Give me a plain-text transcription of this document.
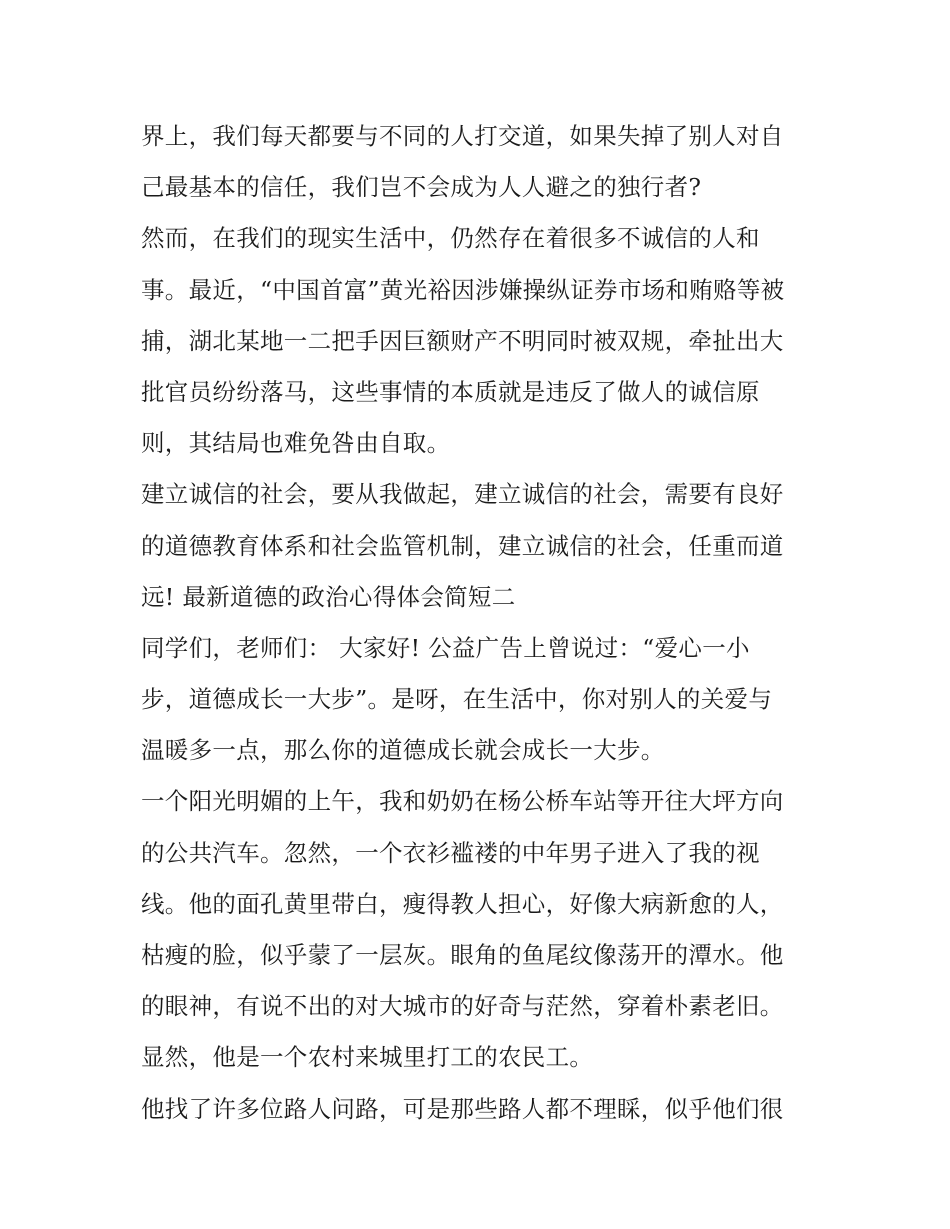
界上，我们每天都要与不同的人打交道，如果失掉了别人对自
己最基本的信任，我们岂不会成为人人避之的独行者?
然而，在我们的现实生活中，仍然存在着很多不诚信的人和
事。最近，“中国首富”黄光裕因涉嫌操纵证券市场和贿赂等被
捕，湖北某地一二把手因巨额财产不明同时被双规，牵扯出大
批官员纷纷落马，这些事情的本质就是违反了做人的诚信原
则，其结局也难免咎由自取。
建立诚信的社会，要从我做起，建立诚信的社会，需要有良好
的道德教育体系和社会监管机制，建立诚信的社会，任重而道
远! 最新道德的政治心得体会简短二
同学们，老师们： 大家好! 公益广告上曾说过：“爱心一小
步，道德成长一大步”。是呀，在生活中，你对别人的关爱与
温暖多一点，那么你的道德成长就会成长一大步。
一个阳光明媚的上午，我和奶奶在杨公桥车站等开往大坪方向
的公共汽车。忽然，一个衣衫褴褛的中年男子进入了我的视
线。他的面孔黄里带白，瘦得教人担心，好像大病新愈的人，
枯瘦的脸，似乎蒙了一层灰。眼角的鱼尾纹像荡开的潭水。他
的眼神，有说不出的对大城市的好奇与茫然，穿着朴素老旧。
显然，他是一个农村来城里打工的农民工。
他找了许多位路人问路，可是那些路人都不理睬，似乎他们很
